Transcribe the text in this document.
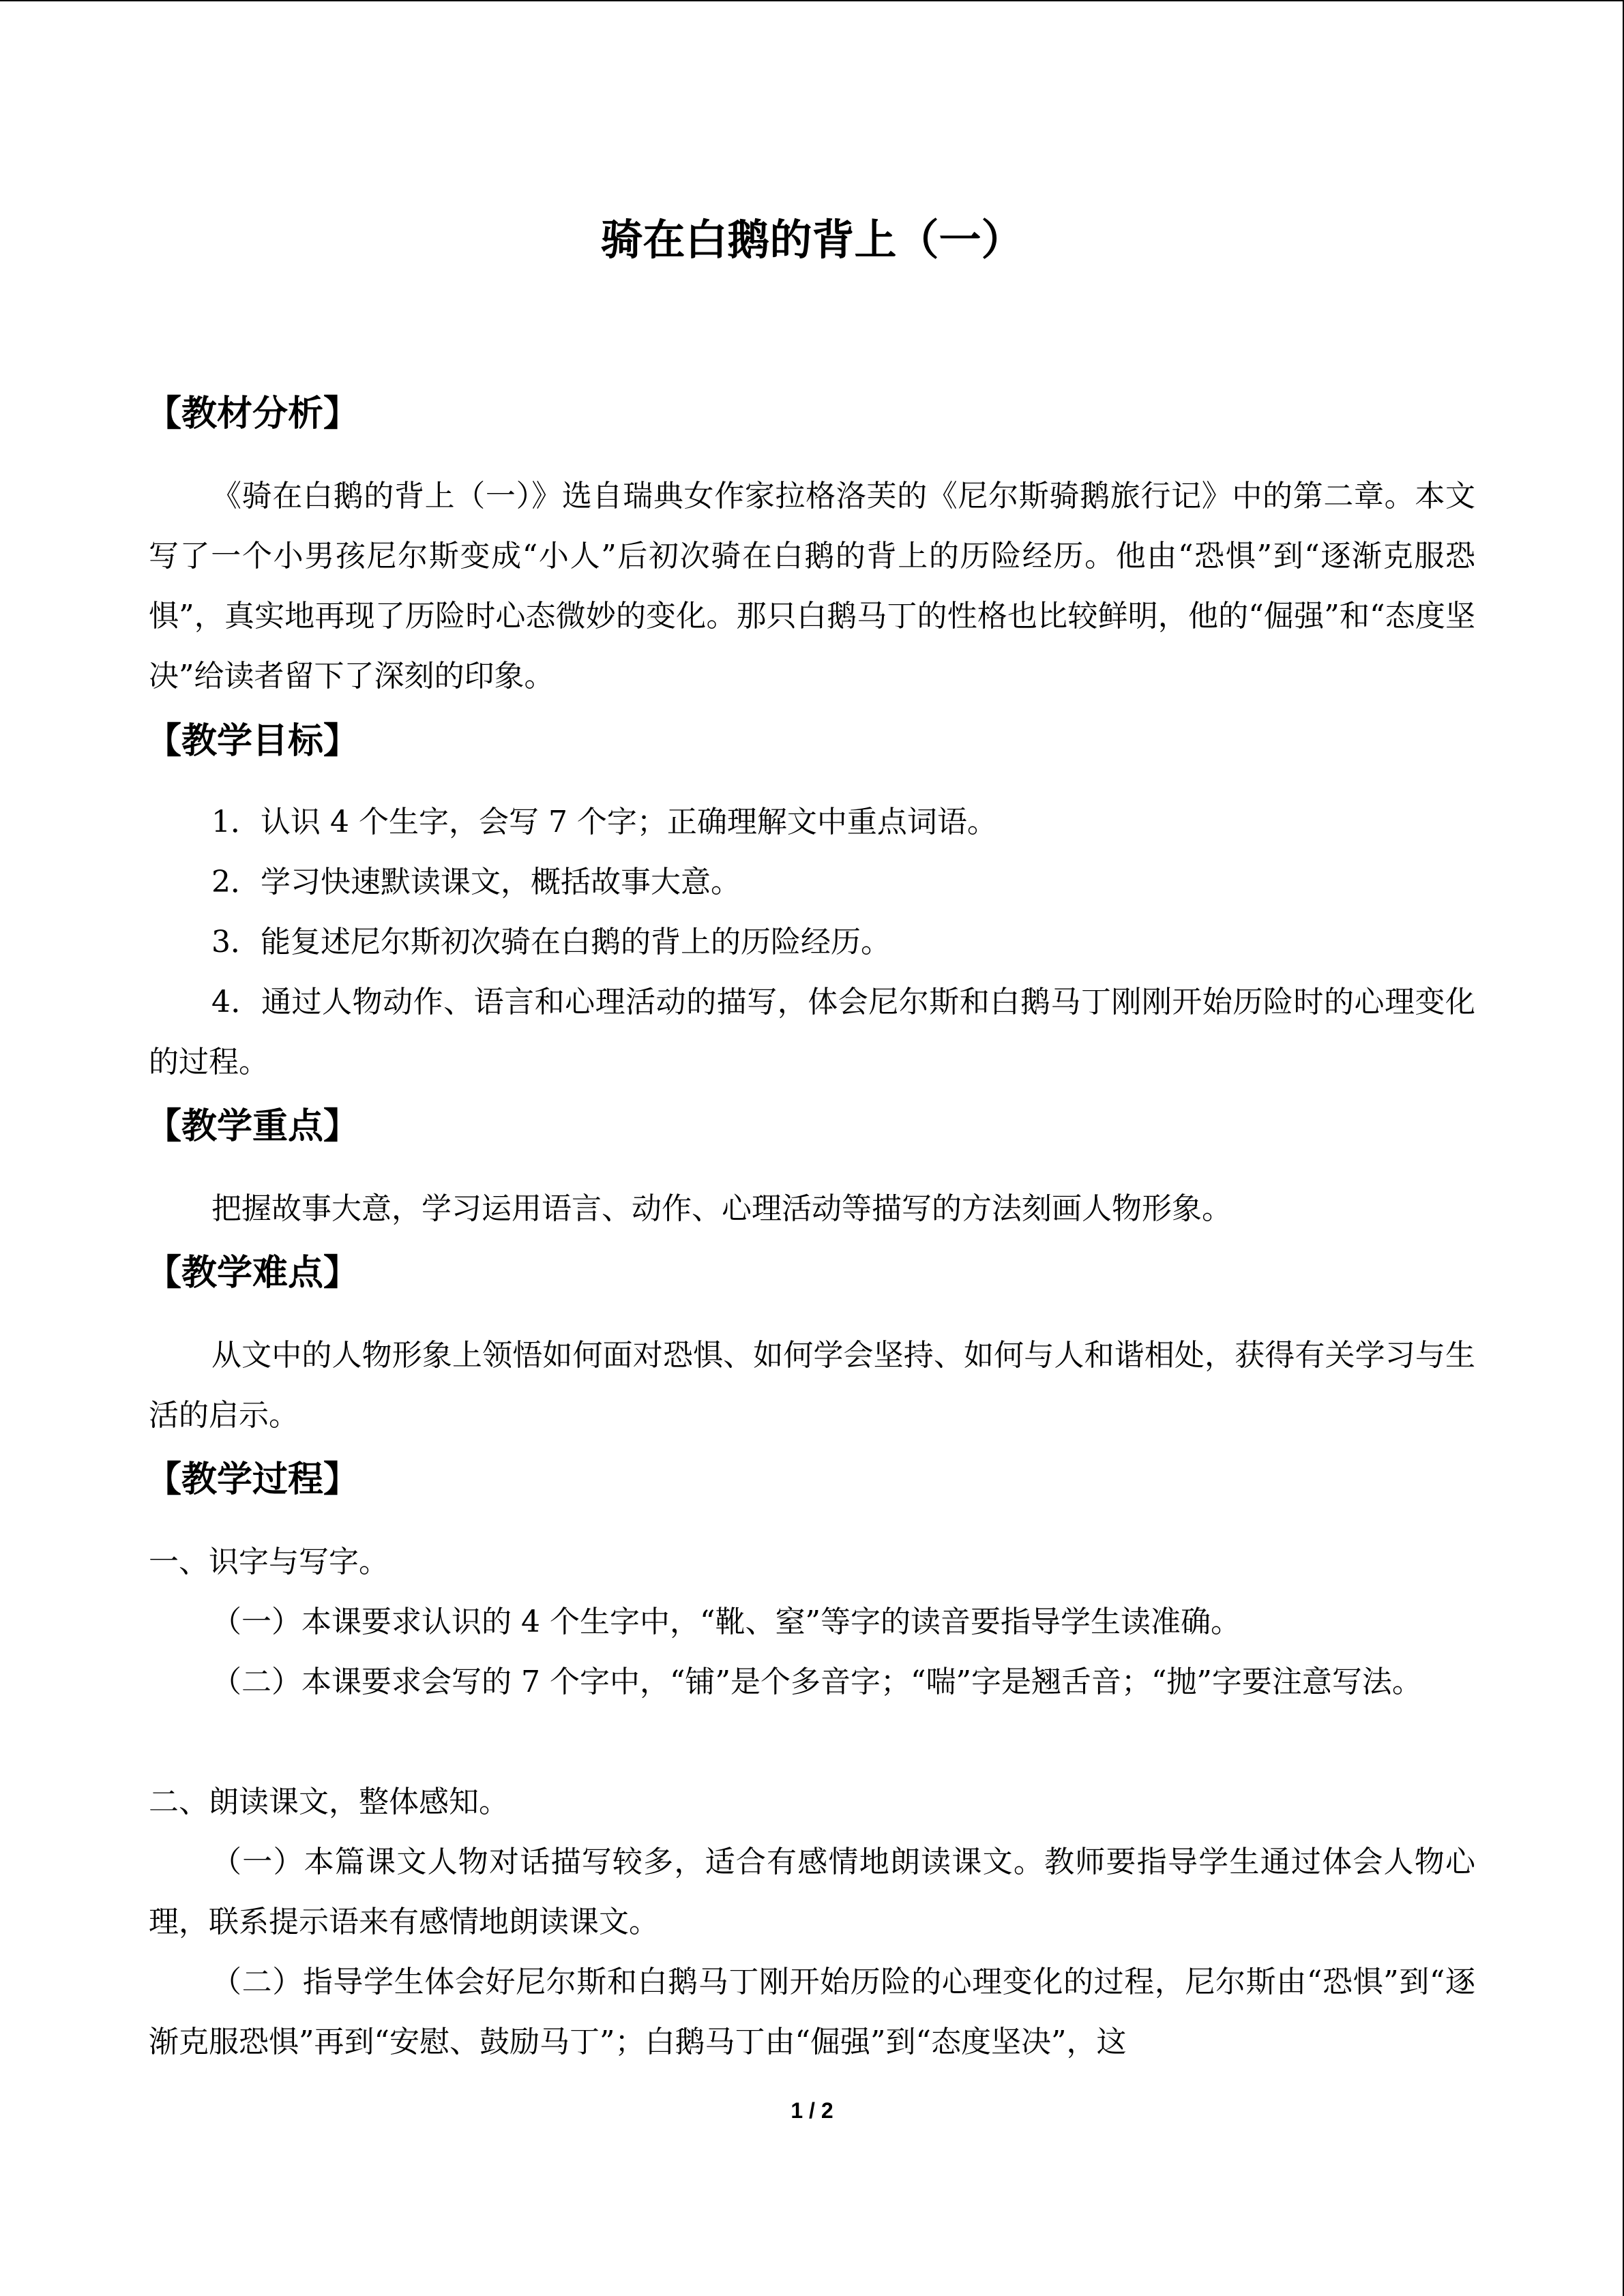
骑在白鹅的背上（一）
【教材分析】
《骑在白鹅的背上（一）》选自瑞典女作家拉格洛芙的《尼尔斯骑鹅旅行记》中的第二章。本文写了一个小男孩尼尔斯变成“小人”后初次骑在白鹅的背上的历险经历。他由“恐惧”到“逐渐克服恐惧”，真实地再现了历险时心态微妙的变化。那只白鹅马丁的性格也比较鲜明，他的“倔强”和“态度坚决”给读者留下了深刻的印象。
【教学目标】
1．认识 4 个生字，会写 7 个字；正确理解文中重点词语。
2．学习快速默读课文，概括故事大意。
3．能复述尼尔斯初次骑在白鹅的背上的历险经历。
4．通过人物动作、语言和心理活动的描写，体会尼尔斯和白鹅马丁刚刚开始历险时的心理变化的过程。
【教学重点】
把握故事大意，学习运用语言、动作、心理活动等描写的方法刻画人物形象。
【教学难点】
从文中的人物形象上领悟如何面对恐惧、如何学会坚持、如何与人和谐相处，获得有关学习与生活的启示。
【教学过程】
一、识字与写字。
（一）本课要求认识的 4 个生字中，“靴、窒”等字的读音要指导学生读准确。
（二）本课要求会写的 7 个字中，“铺”是个多音字；“喘”字是翘舌音；“抛”字要注意写法。
二、朗读课文，整体感知。
（一）本篇课文人物对话描写较多，适合有感情地朗读课文。教师要指导学生通过体会人物心理，联系提示语来有感情地朗读课文。
（二）指导学生体会好尼尔斯和白鹅马丁刚开始历险的心理变化的过程，尼尔斯由“恐惧”到“逐渐克服恐惧”再到“安慰、鼓励马丁”；白鹅马丁由“倔强”到“态度坚决”，这
1 / 2
